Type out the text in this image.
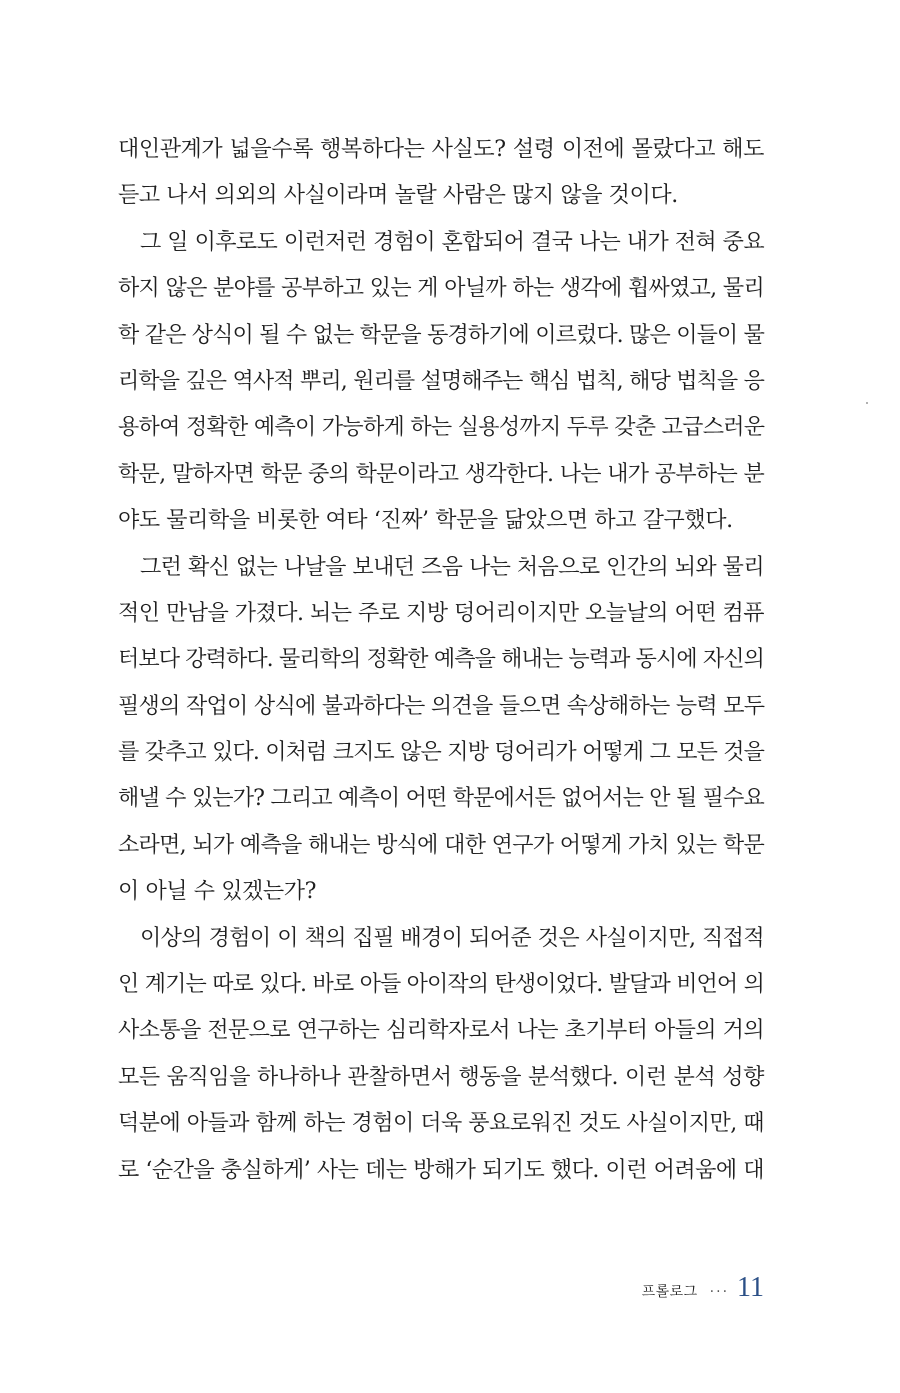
대인관계가 넓을수록 행복하다는 사실도? 설령 이전에 몰랐다고 해도
듣고 나서 의외의 사실이라며 놀랄 사람은 많지 않을 것이다.
그 일 이후로도 이런저런 경험이 혼합되어 결국 나는 내가 전혀 중요
하지 않은 분야를 공부하고 있는 게 아닐까 하는 생각에 휩싸였고, 물리
학 같은 상식이 될 수 없는 학문을 동경하기에 이르렀다. 많은 이들이 물
리학을 깊은 역사적 뿌리, 원리를 설명해주는 핵심 법칙, 해당 법칙을 응
용하여 정확한 예측이 가능하게 하는 실용성까지 두루 갖춘 고급스러운
학문, 말하자면 학문 중의 학문이라고 생각한다. 나는 내가 공부하는 분
야도 물리학을 비롯한 여타 ‘진짜’ 학문을 닮았으면 하고 갈구했다.
그런 확신 없는 나날을 보내던 즈음 나는 처음으로 인간의 뇌와 물리
적인 만남을 가졌다. 뇌는 주로 지방 덩어리이지만 오늘날의 어떤 컴퓨
터보다 강력하다. 물리학의 정확한 예측을 해내는 능력과 동시에 자신의
필생의 작업이 상식에 불과하다는 의견을 들으면 속상해하는 능력 모두
를 갖추고 있다. 이처럼 크지도 않은 지방 덩어리가 어떻게 그 모든 것을
해낼 수 있는가? 그리고 예측이 어떤 학문에서든 없어서는 안 될 필수요
소라면, 뇌가 예측을 해내는 방식에 대한 연구가 어떻게 가치 있는 학문
이 아닐 수 있겠는가?
이상의 경험이 이 책의 집필 배경이 되어준 것은 사실이지만, 직접적
인 계기는 따로 있다. 바로 아들 아이작의 탄생이었다. 발달과 비언어 의
사소통을 전문으로 연구하는 심리학자로서 나는 초기부터 아들의 거의
모든 움직임을 하나하나 관찰하면서 행동을 분석했다. 이런 분석 성향
덕분에 아들과 함께 하는 경험이 더욱 풍요로워진 것도 사실이지만, 때
로 ‘순간을 충실하게’ 사는 데는 방해가 되기도 했다. 이런 어려움에 대
프롤로그 ··· 11
